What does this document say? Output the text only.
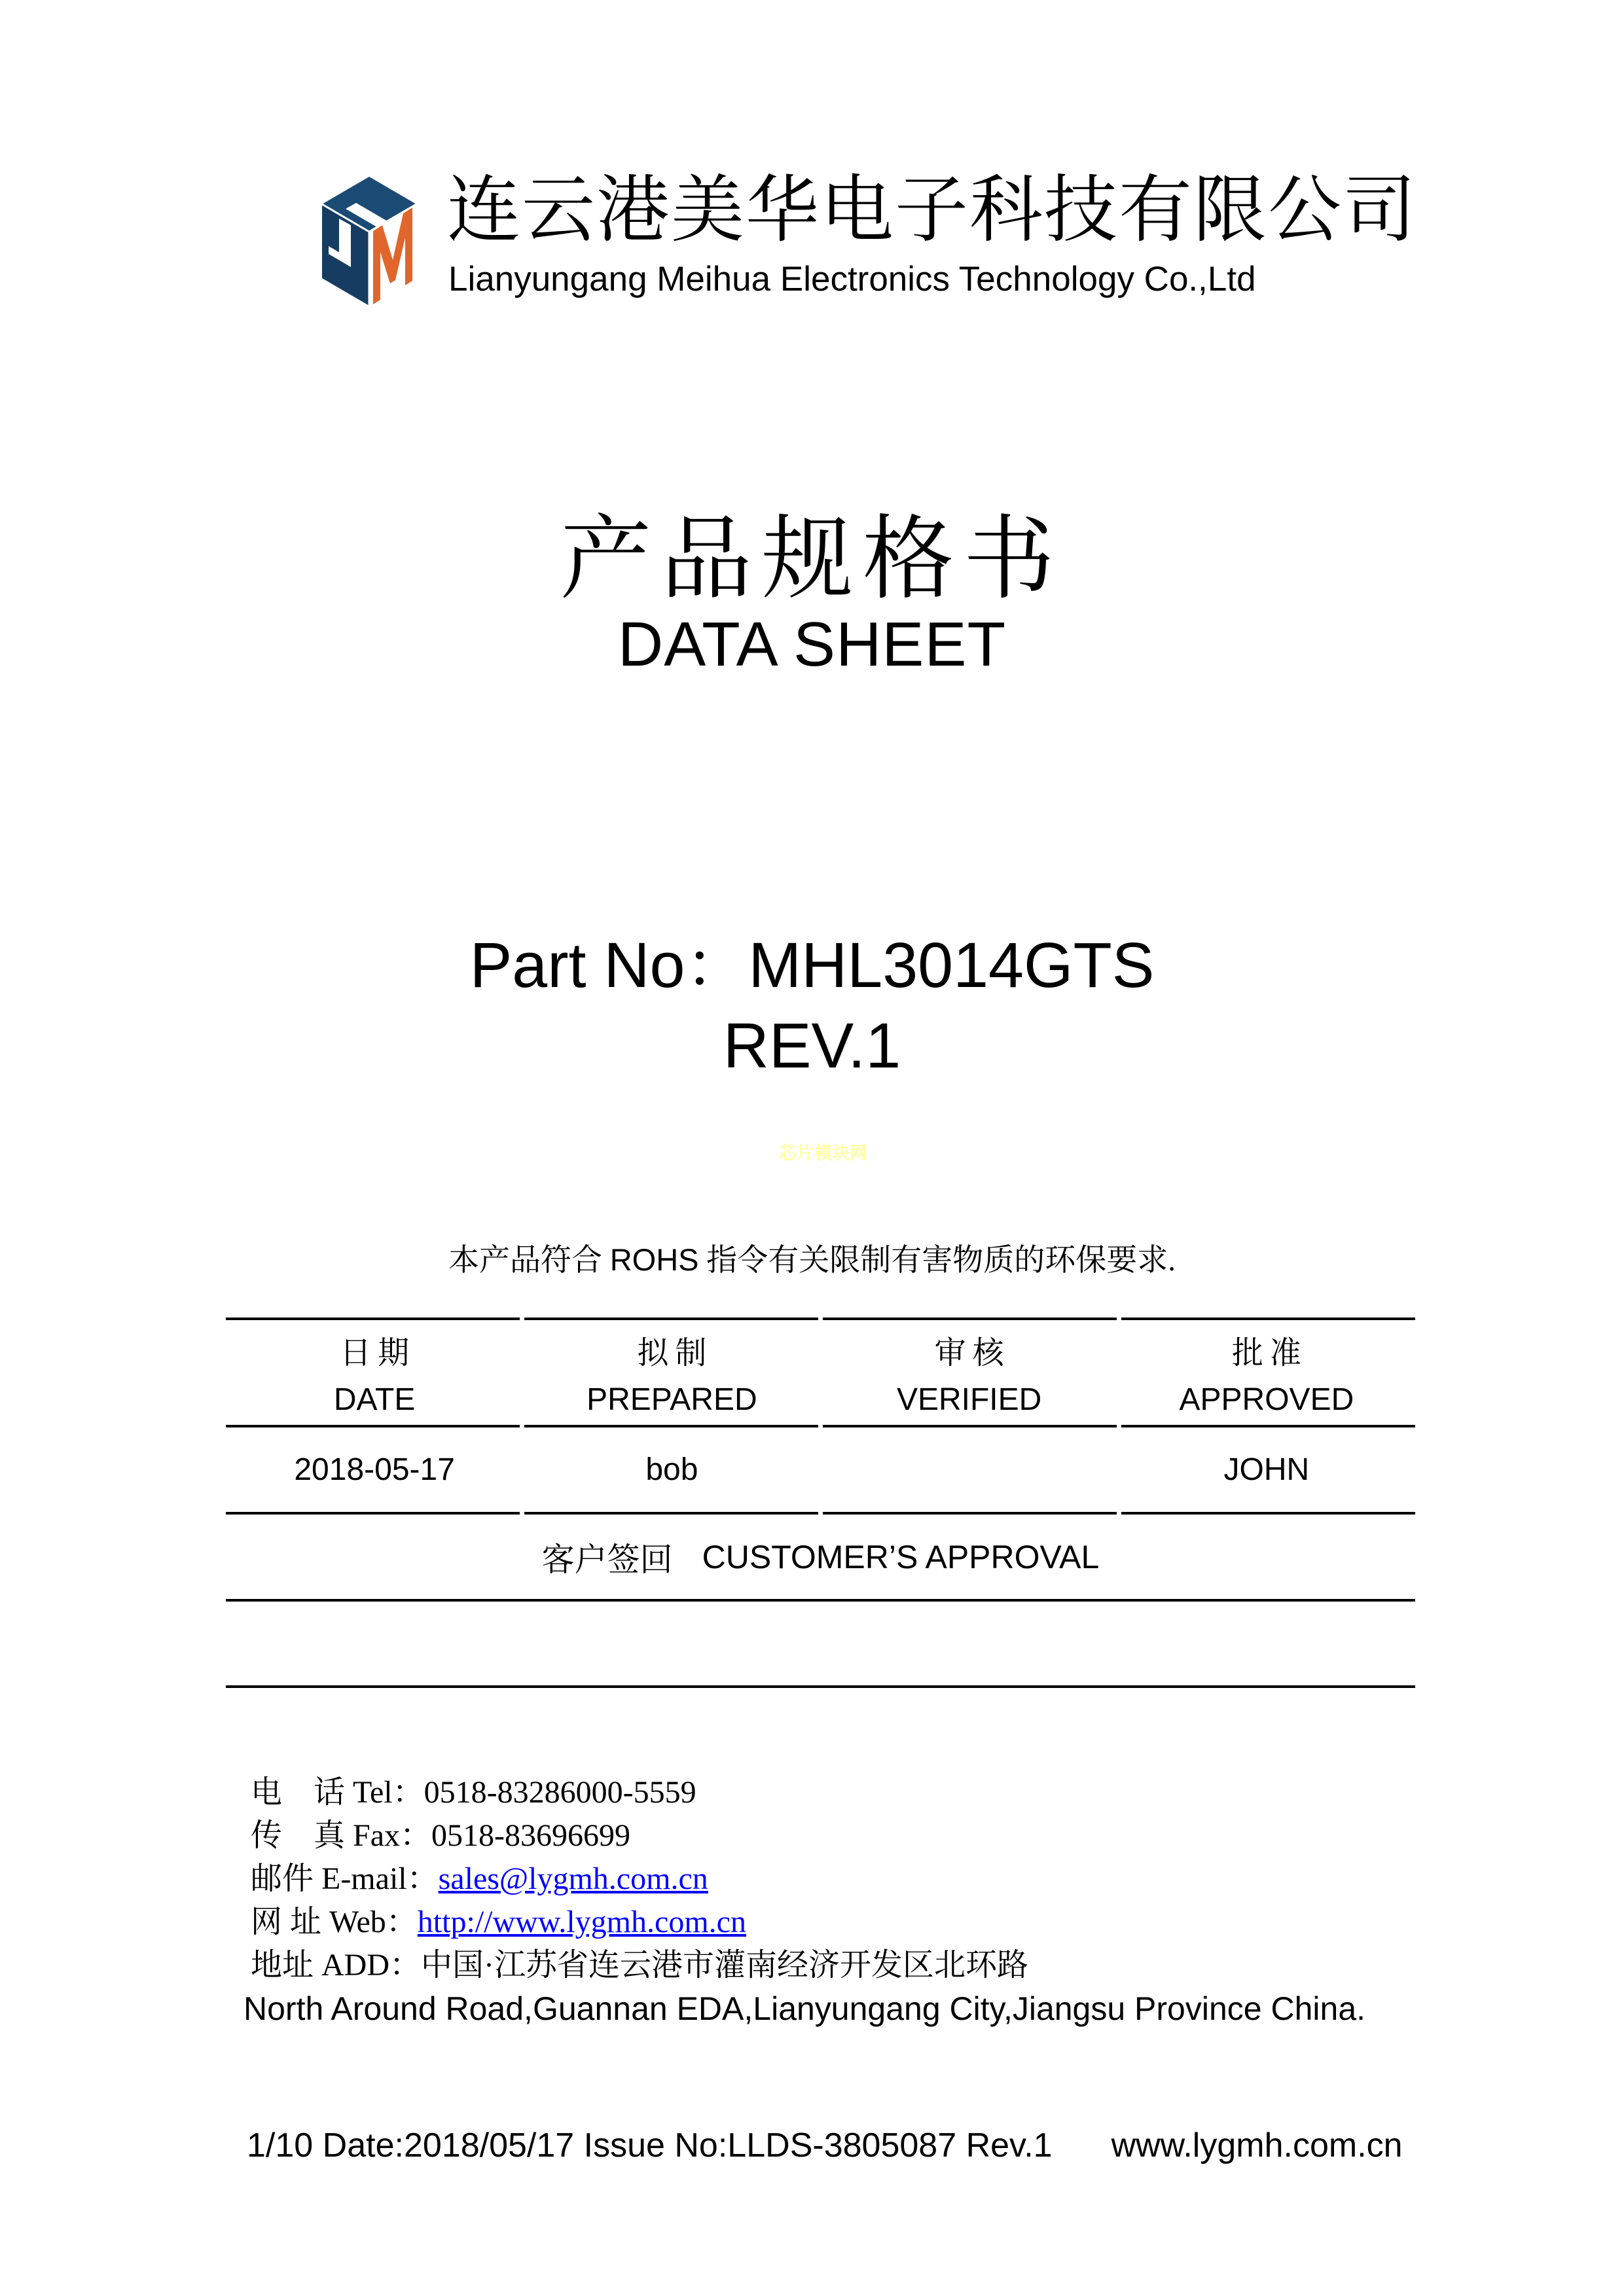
连云港美华电子科技有限公司
Lianyungang Meihua Electronics Technology Co.,Ltd
产品规格书
DATA SHEET
Part No：MHL3014GTS
REV.1
芯片模块网
本产品符合 ROHS 指令有关限制有害物质的环保要求.
日期
DATE
拟制
PREPARED
审核
VERIFIED
批准
APPROVED
2018-05-17	bob	JOHN
客户签回 CUSTOMER’S APPROVAL
电　话 Tel：0518-83286000-5559
传　真 Fax：0518-83696699
邮件 E-mail：sales@lygmh.com.cn
网 址 Web：http://www.lygmh.com.cn
地址 ADD：中国·江苏省连云港市灌南经济开发区北环路
North Around Road,Guannan EDA,Lianyungang City,Jiangsu Province China.
1/10 Date:2018/05/17 Issue No:LLDS-3805087 Rev.1 www.lygmh.com.cn
